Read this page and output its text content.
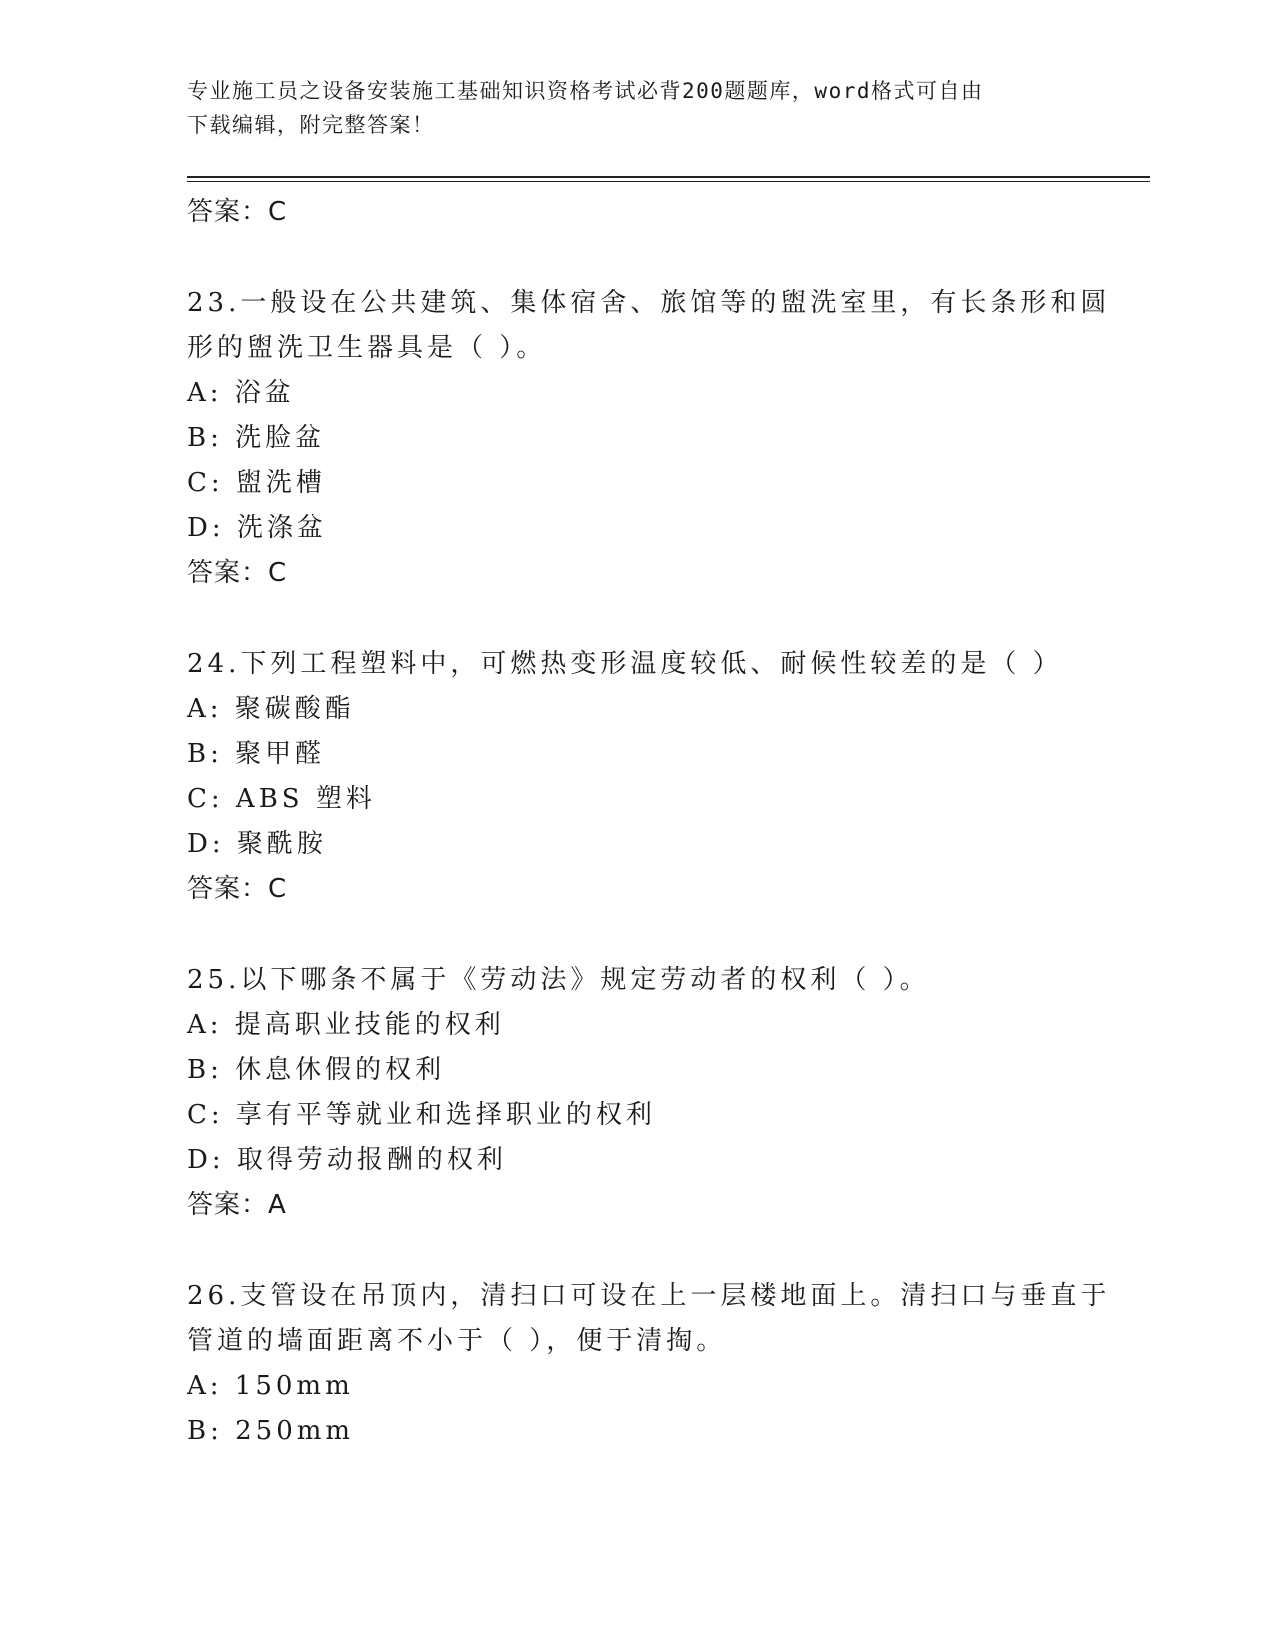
专业施工员之设备安装施工基础知识资格考试必背200题题库，word格式可自由
下载编辑，附完整答案！
答案：C
23.一般设在公共建筑、集体宿舍、旅馆等的盥洗室里，有长条形和圆
形的盥洗卫生器具是（ ）。
A: 浴盆
B: 洗脸盆
C: 盥洗槽
D: 洗涤盆
答案：C
24.下列工程塑料中，可燃热变形温度较低、耐候性较差的是（ ）
A: 聚碳酸酯
B: 聚甲醛
C: ABS 塑料
D: 聚酰胺
答案：C
25.以下哪条不属于《劳动法》规定劳动者的权利（ ）。
A: 提高职业技能的权利
B: 休息休假的权利
C: 享有平等就业和选择职业的权利
D: 取得劳动报酬的权利
答案：A
26.支管设在吊顶内，清扫口可设在上一层楼地面上。清扫口与垂直于
管道的墙面距离不小于（ ），便于清掏。
A: 150mm
B: 250mm
